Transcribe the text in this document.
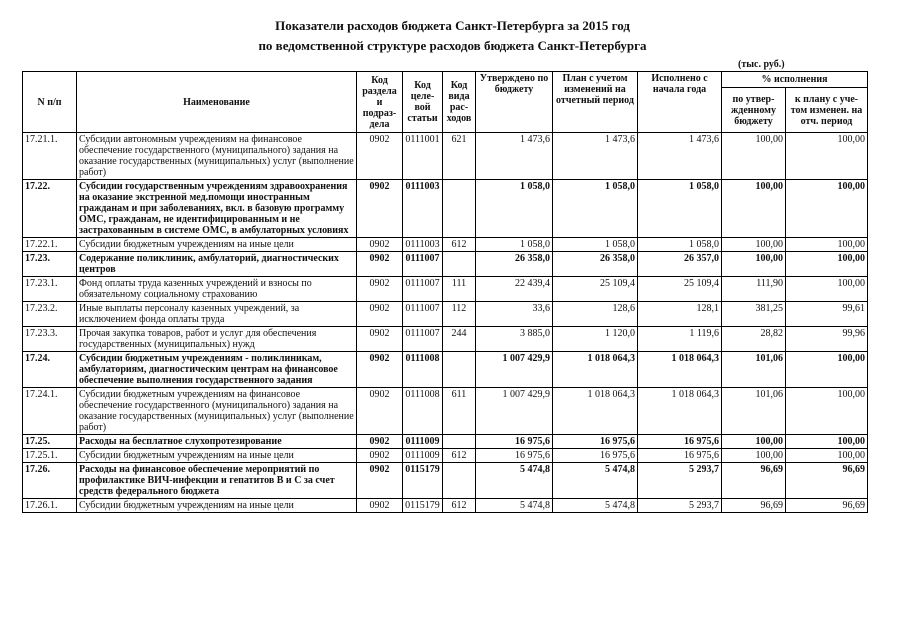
Показатели расходов бюджета Санкт-Петербурга за 2015 год
по ведомственной структуре расходов бюджета Санкт-Петербурга
(тыс. руб.)
N п/п	Наименование	Код раздела и подраз- дела	Код целе- вой статьи	Код вида рас- ходов	Утверждено по бюджету	План с учетом изменений на отчетный период	Исполнено с начала года	% исполнения	
								по утвер- жденному бюджету	к плану с уче- том изменен. на отч. период
17.21.1.	Субсидии автономным учреждениям на финансовое обеспечение государственного (муниципального) задания на оказание государственных (муниципальных) услуг (выполнение работ)	0902	0111001	621	1 473,6	1 473,6	1 473,6	100,00	100,00
17.22.	Субсидии государственным учреждениям здравоохранения на оказание экстренной мед.помощи иностранным гражданам и при заболеваниях, вкл. в базовую программу ОМС, гражданам, не идентифицированным и не застрахованным в системе ОМС, в амбулаторных условиях	0902	0111003		1 058,0	1 058,0	1 058,0	100,00	100,00
17.22.1.	Субсидии бюджетным учреждениям на иные цели	0902	0111003	612	1 058,0	1 058,0	1 058,0	100,00	100,00
17.23.	Содержание поликлиник, амбулаторий, диагностических центров	0902	0111007		26 358,0	26 358,0	26 357,0	100,00	100,00
17.23.1.	Фонд оплаты труда казенных учреждений и взносы по обязательному социальному страхованию	0902	0111007	111	22 439,4	25 109,4	25 109,4	111,90	100,00
17.23.2.	Иные выплаты персоналу казенных учреждений, за исключением фонда оплаты труда	0902	0111007	112	33,6	128,6	128,1	381,25	99,61
17.23.3.	Прочая закупка товаров, работ и услуг для обеспечения государственных (муниципальных) нужд	0902	0111007	244	3 885,0	1 120,0	1 119,6	28,82	99,96
17.24.	Субсидии бюджетным учреждениям - поликлиникам, амбулаториям, диагностическим центрам на финансовое обеспечение выполнения государственного задания	0902	0111008		1 007 429,9	1 018 064,3	1 018 064,3	101,06	100,00
17.24.1.	Субсидии бюджетным учреждениям на финансовое обеспечение государственного (муниципального) задания на оказание государственных (муниципальных) услуг (выполнение работ)	0902	0111008	611	1 007 429,9	1 018 064,3	1 018 064,3	101,06	100,00
17.25.	Расходы на бесплатное слухопротезирование	0902	0111009		16 975,6	16 975,6	16 975,6	100,00	100,00
17.25.1.	Субсидии бюджетным учреждениям на иные цели	0902	0111009	612	16 975,6	16 975,6	16 975,6	100,00	100,00
17.26.	Расходы на финансовое обеспечение мероприятий по профилактике ВИЧ-инфекции и гепатитов В и С за счет средств федерального бюджета	0902	0115179		5 474,8	5 474,8	5 293,7	96,69	96,69
17.26.1.	Субсидии бюджетным учреждениям на иные цели	0902	0115179	612	5 474,8	5 474,8	5 293,7	96,69	96,69
